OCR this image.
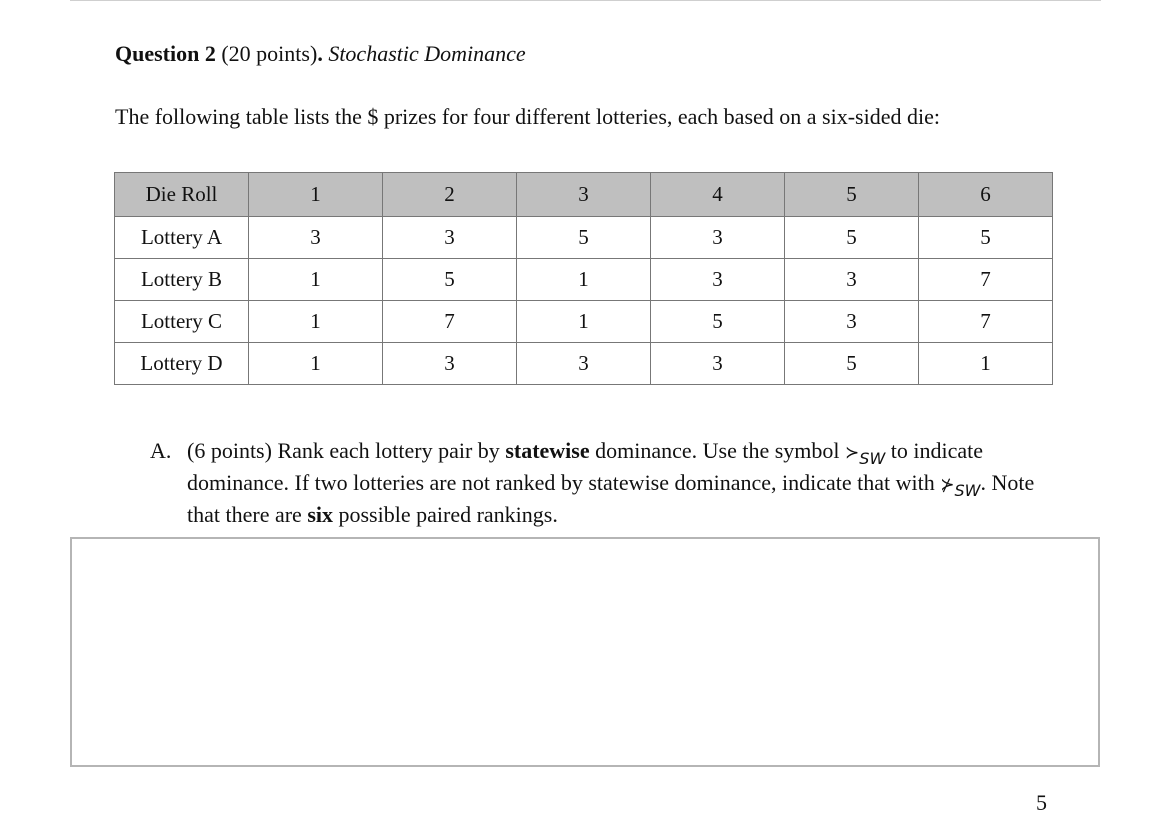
Question 2 (20 points). Stochastic Dominance
The following table lists the $ prizes for four different lotteries, each based on a six-sided die:
Die Roll	1	2	3	4	5	6
Lottery A	3	3	5	3	5	5
Lottery B	1	5	1	3	3	7
Lottery C	1	7	1	5	3	7
Lottery D	1	3	3	3	5	1
A. (6 points) Rank each lottery pair by statewise dominance. Use the symbol $≻_{SW}$ to indicate dominance. If two lotteries are not ranked by statewise dominance, indicate that with $⊁_{SW}$. Note that there are six possible paired rankings.
5
